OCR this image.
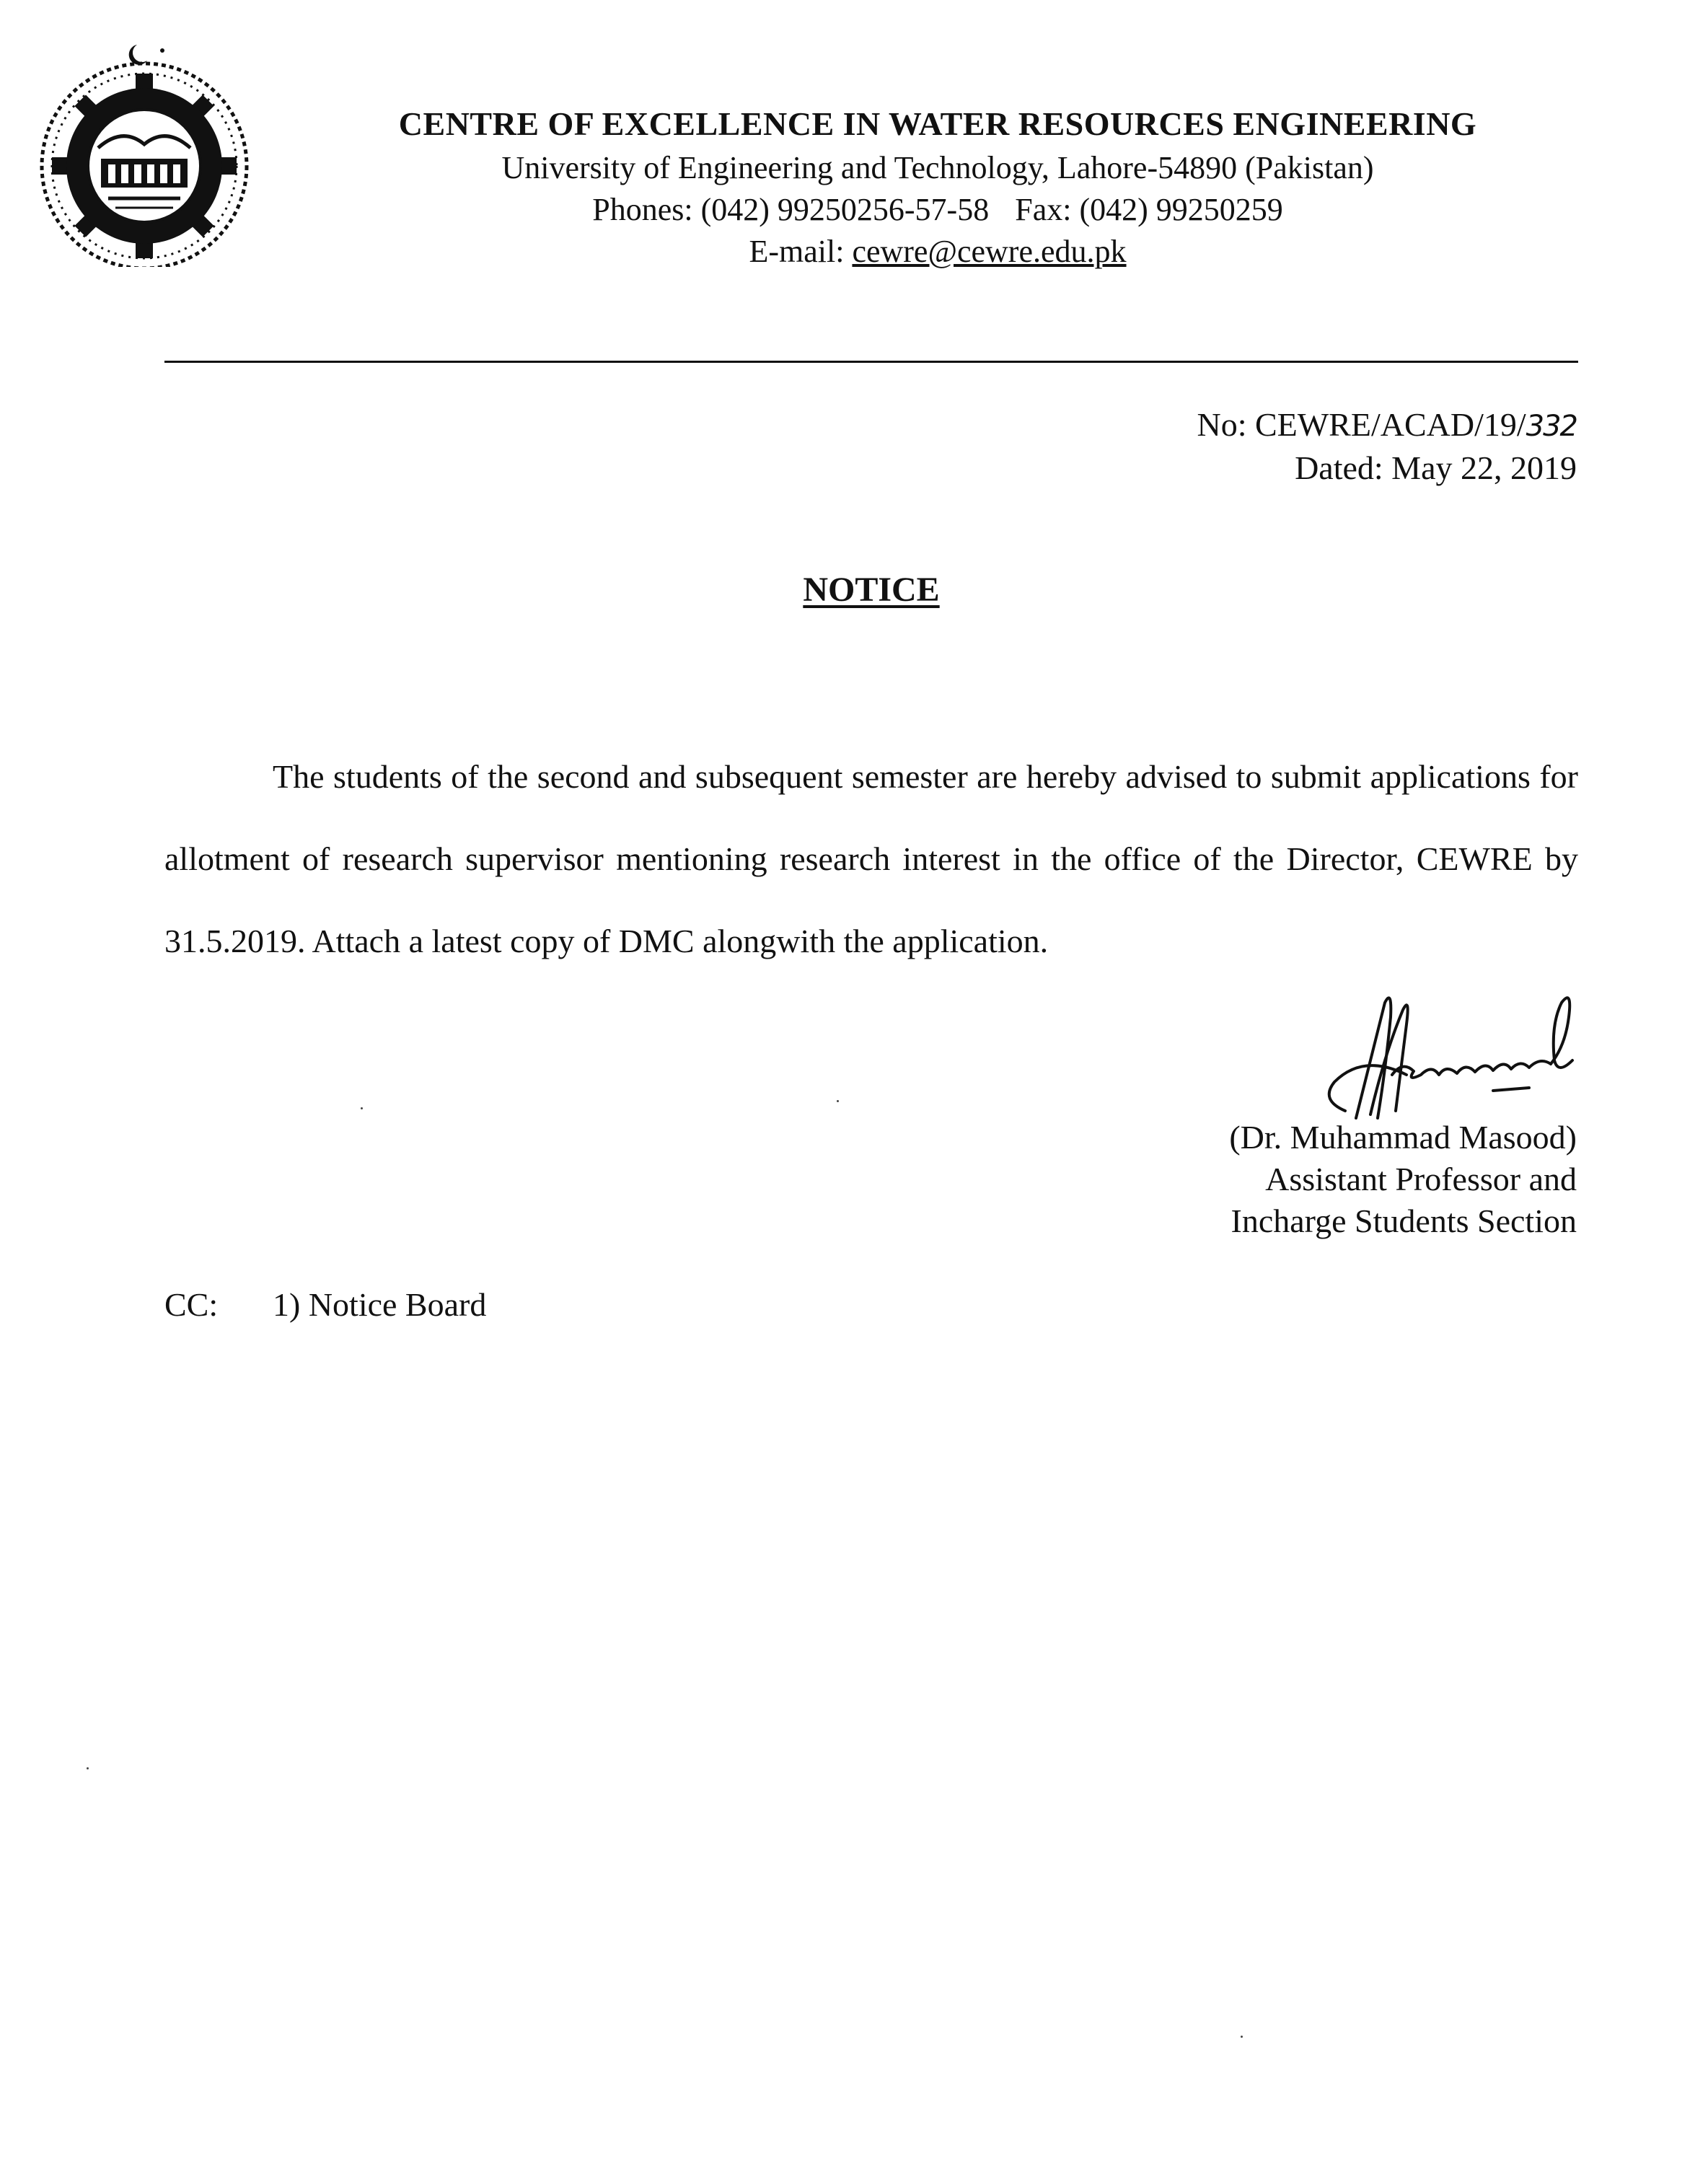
CENTRE OF EXCELLENCE IN WATER RESOURCES ENGINEERING
University of Engineering and Technology, Lahore-54890 (Pakistan)
Phones: (042) 99250256-57-58 Fax: (042) 99250259
E-mail: cewre@cewre.edu.pk
No: CEWRE/ACAD/19/332
Dated: May 22, 2019
NOTICE
The students of the second and subsequent semester are hereby advised to submit applications for allotment of research supervisor mentioning research interest in the office of the Director, CEWRE by 31.5.2019. Attach a latest copy of DMC alongwith the application.
(Dr. Muhammad Masood)
Assistant Professor and
Incharge Students Section
CC: 1) Notice Board
